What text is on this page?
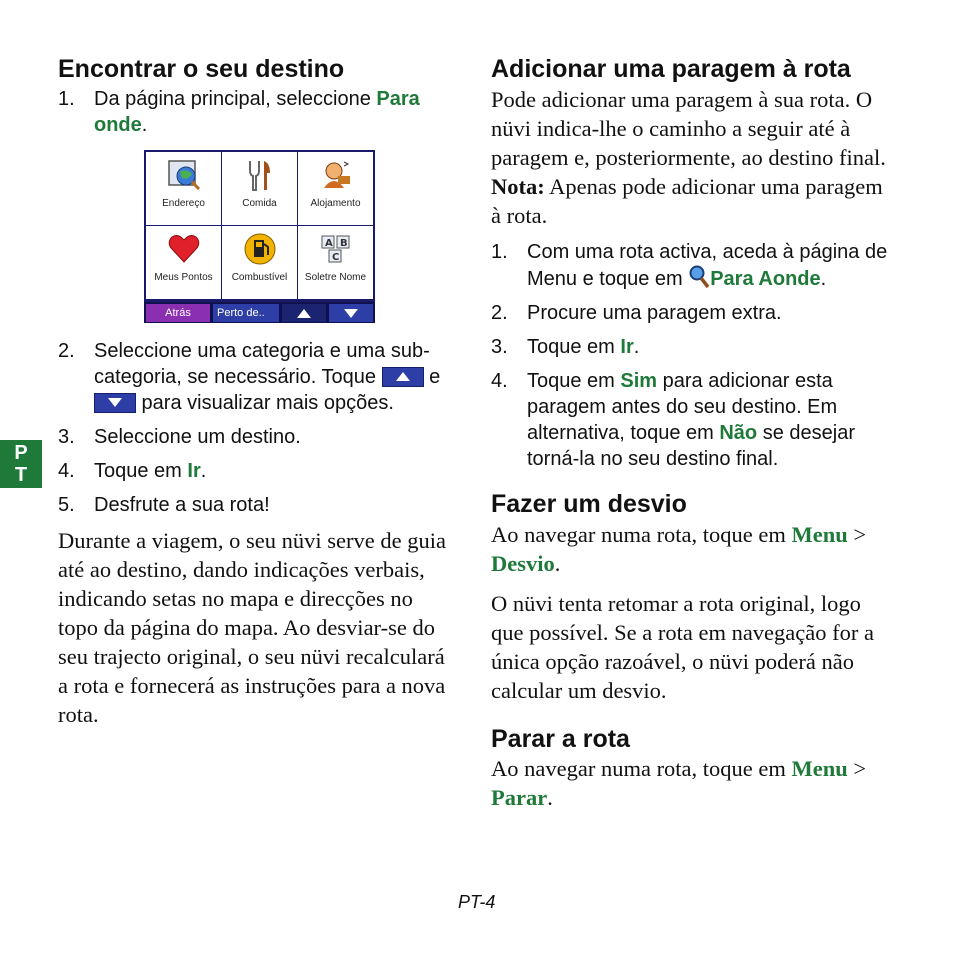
P
T
Encontrar o seu destino
1. Da página principal, seleccione Para onde.
Endereço	Comida	Alojamento
Meus Pontos	Combustível
A B
C
Soletre Nome
Atrás	Perto de..
2. Seleccione uma categoria e uma sub-categoria, se necessário. Toque
e
para visualizar mais opções.
3. Seleccione um destino.
4. Toque em Ir.
5. Desfrute a sua rota!

Durante a viagem, o seu nüvi serve de guia até ao destino, dando indicações verbais, indicando setas no mapa e direcções no topo da página do mapa. Ao desviar-se do seu trajecto original, o seu nüvi recalculará a rota e fornecerá as instruções para a nova rota.

Adicionar uma paragem à rota

Pode adicionar uma paragem à sua rota. O nüvi indica-lhe o caminho a seguir até à paragem e, posteriormente, ao destino final.

Nota: Apenas pode adicionar uma paragem à rota.

1. Com uma rota activa, aceda à página de Menu e toque em Para Aonde.
2. Procure uma paragem extra.
3. Toque em Ir.
4. Toque em Sim para adicionar esta paragem antes do seu destino. Em alternativa, toque em Não se desejar torná-la no seu destino final.
Fazer um desvio

Ao navegar numa rota, toque em Menu > Desvio.

O nüvi tenta retomar a rota original, logo que possível. Se a rota em navegação for a única opção razoável, o nüvi poderá não calcular um desvio.

Parar a rota

Ao navegar numa rota, toque em Menu > Parar.

PT-4
